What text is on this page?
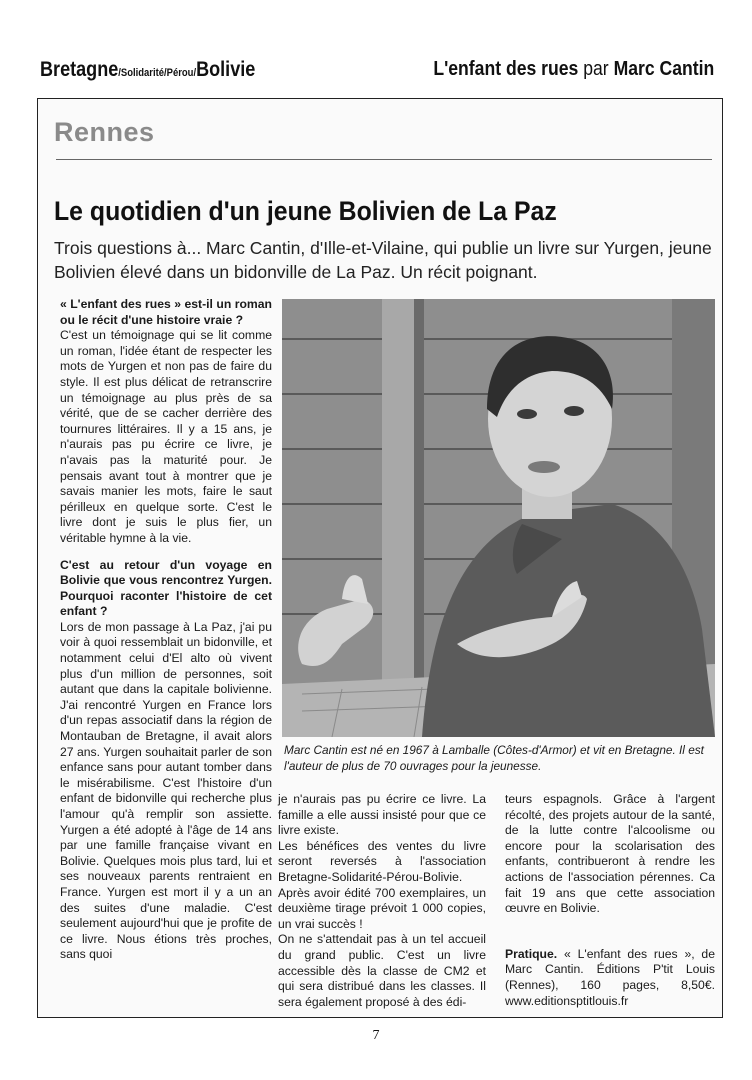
Bretagne/Solidarité/Pérou/Bolivie	L'enfant des rues par Marc Cantin
Rennes
Le quotidien d'un jeune Bolivien de La Paz
Trois questions à... Marc Cantin, d'Ille-et-Vilaine, qui publie un livre sur Yurgen, jeune Bolivien élevé dans un bidonville de La Paz. Un récit poignant.

« L'enfant des rues » est-il un roman ou le récit d'une histoire vraie ?

C'est un témoignage qui se lit comme un roman, l'idée étant de respecter les mots de Yurgen et non pas de faire du style. Il est plus délicat de retranscrire un témoignage au plus près de sa vérité, que de se cacher derrière des tournures littéraires. Il y a 15 ans, je n'aurais pas pu écrire ce livre, je n'avais pas la maturité pour. Je pensais avant tout à montrer que je savais manier les mots, faire le saut périlleux en quelque sorte. C'est le livre dont je suis le plus fier, un véritable hymne à la vie.

C'est au retour d'un voyage en Bolivie que vous rencontrez Yurgen. Pourquoi raconter l'histoire de cet enfant ?

Lors de mon passage à La Paz, j'ai pu voir à quoi ressemblait un bidonville, et notamment celui d'El alto où vivent plus d'un million de personnes, soit autant que dans la capitale bolivienne. J'ai rencontré Yurgen en France lors d'un repas associatif dans la région de Montauban de Bretagne, il avait alors 27 ans. Yurgen souhaitait parler de son enfance sans pour autant tomber dans le misérabilisme. C'est l'histoire d'un enfant de bidonville qui recherche plus l'amour qu'à remplir son assiette. Yurgen a été adopté à l'âge de 14 ans par une famille française vivant en Bolivie. Quelques mois plus tard, lui et ses nouveaux parents rentraient en France. Yurgen est mort il y a un an des suites d'une maladie. C'est seulement aujourd'hui que je profite de ce livre. Nous étions très proches, sans quoi

Marc Cantin est né en 1967 à Lamballe (Côtes-d'Armor) et vit en Bretagne. Il est l'auteur de plus de 70 ouvrages pour la jeunesse.

je n'aurais pas pu écrire ce livre. La famille a elle aussi insisté pour que ce livre existe.

Les bénéfices des ventes du livre seront reversés à l'association Bretagne-Solidarité-Pérou-Bolivie.

Après avoir édité 700 exemplaires, un deuxième tirage prévoit 1 000 copies, un vrai succès !

On ne s'attendait pas à un tel accueil du grand public. C'est un livre accessible dès la classe de CM2 et qui sera distribué dans les classes. Il sera également proposé à des édi-

teurs espagnols. Grâce à l'argent récolté, des projets autour de la santé, de la lutte contre l'alcoolisme ou encore pour la scolarisation des enfants, contribueront à rendre les actions de l'association pérennes. Ca fait 19 ans que cette association œuvre en Bolivie.

Pratique. « L'enfant des rues », de Marc Cantin. Éditions P'tit Louis (Rennes), 160 pages, 8,50€. www.editionsptitlouis.fr

7
